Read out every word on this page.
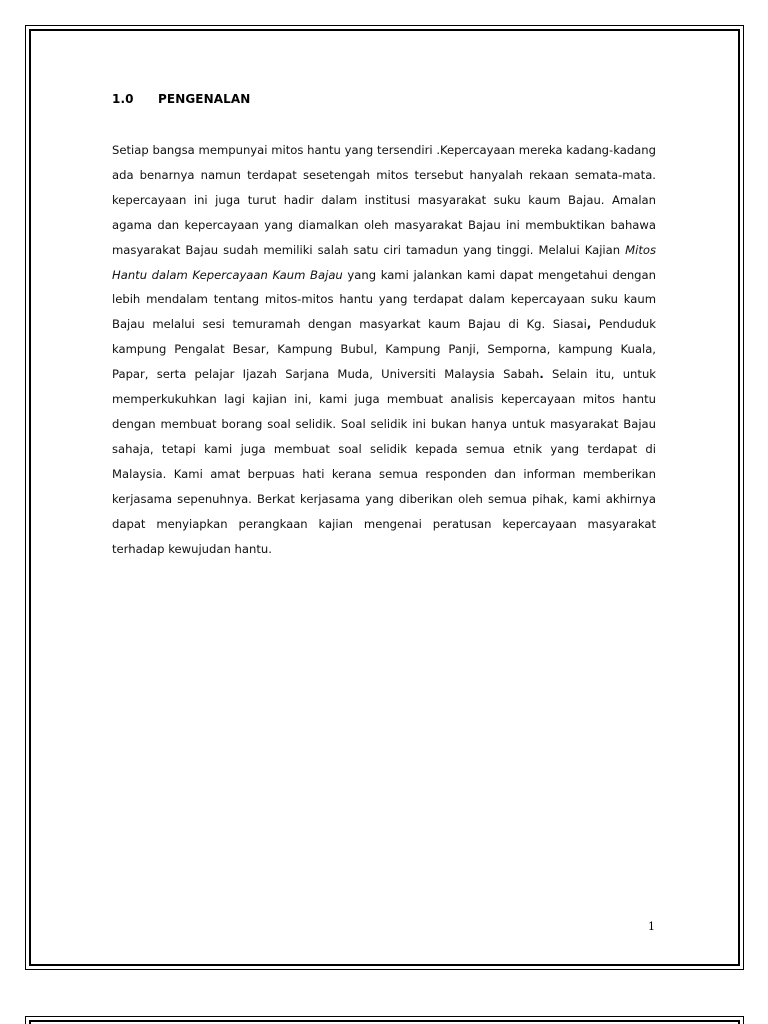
1.0 PENGENALAN

Setiap bangsa mempunyai mitos hantu yang tersendiri .Kepercayaan mereka kadang-kadang ada benarnya namun terdapat sesetengah mitos tersebut hanyalah rekaan semata-mata. kepercayaan ini juga turut hadir dalam institusi masyarakat suku kaum Bajau. Amalan agama dan kepercayaan yang diamalkan oleh masyarakat Bajau ini membuktikan bahawa masyarakat Bajau sudah memiliki salah satu ciri tamadun yang tinggi. Melalui Kajian Mitos Hantu dalam Kepercayaan Kaum Bajau yang kami jalankan kami dapat mengetahui dengan lebih mendalam tentang mitos-mitos hantu yang terdapat dalam kepercayaan suku kaum Bajau melalui sesi temuramah dengan masyarkat kaum Bajau di Kg. Siasai, Penduduk kampung Pengalat Besar, Kampung Bubul, Kampung Panji, Semporna, kampung Kuala, Papar, serta pelajar Ijazah Sarjana Muda, Universiti Malaysia Sabah. Selain itu, untuk memperkukuhkan lagi kajian ini, kami juga membuat analisis kepercayaan mitos hantu dengan membuat borang soal selidik. Soal selidik ini bukan hanya untuk masyarakat Bajau sahaja, tetapi kami juga membuat soal selidik kepada semua etnik yang terdapat di Malaysia. Kami amat berpuas hati kerana semua responden dan informan memberikan kerjasama sepenuhnya. Berkat kerjasama yang diberikan oleh semua pihak, kami akhirnya dapat menyiapkan perangkaan kajian mengenai peratusan kepercayaan masyarakat terhadap kewujudan hantu.

1
